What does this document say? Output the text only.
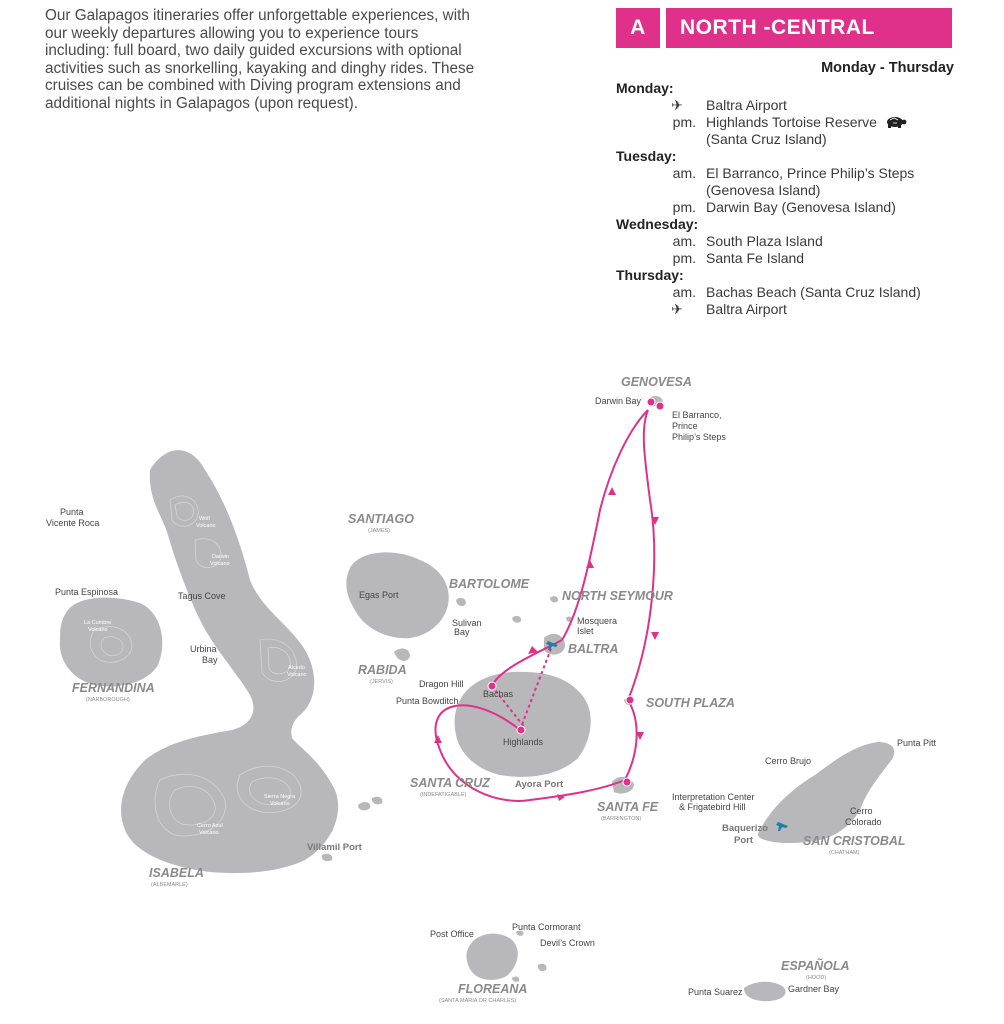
Our Galapagos itineraries offer unforgettable experiences, with
our weekly departures allowing you to experience tours
including: full board, two daily guided excursions with optional
activities such as snorkelling, kayaking and dinghy rides. These
cruises can be combined with Diving program extensions and
additional nights in Galapagos (upon request).

A	NORTH -CENTRAL
Monday - Thursday
Monday:
✈	Baltra Airport
pm. Highlands Tortoise Reserve
(Santa Cruz Island)
Tuesday:
am. El Barranco, Prince Philip’s Steps
(Genovesa Island)
pm. Darwin Bay (Genovesa Island)
Wednesday:
am. South Plaza Island
pm. Santa Fe Island
Thursday:
am. Bachas Beach (Santa Cruz Island)
✈	Baltra Airport
GENOVESA
SANTIAGO
(JAMES)
BARTOLOME
NORTH SEYMOUR
BALTRA
RABIDA
(JERVIS)
FERNANDINA
(NARBOROUGH)	SOUTH PLAZA
SANTA CRUZ
(INDEFATIGABLE)
SANTA FE
(BARRINGTON)
SAN CRISTOBAL
(CHATHAM)
ISABELA
(ALBEMARLE)
FLOREANA
(SANTA MARIA OR CHARLES)
ESPAÑOLA
(HOOD)
Darwin Bay
El Barranco,
Prince
Philip’s Steps
Punta
Vicente Roca
Punta Espinosa	Tagus Cove
Urbina
Bay
Egas Port
Sulivan
Bay
Mosquera
Islet
Dragon Hill
Bachas
Punta Bowditch
Highlands
Cerro Brujo
Punta Pitt
Interpretation Center
& Frigatebird Hill	Cerro
Colorado
Post Office
Punta Cormorant
Devil’s Crown
Punta Suarez	Gardner Bay
Ayora Port
Villamil Port
Baquerizo
Port
Wolf
Volcano
Darwin
Volcano
La Cumbre
Volcano
Alcedo
Volcano
Sierra Negra
Volcano
Cerro Azul
Volcano
